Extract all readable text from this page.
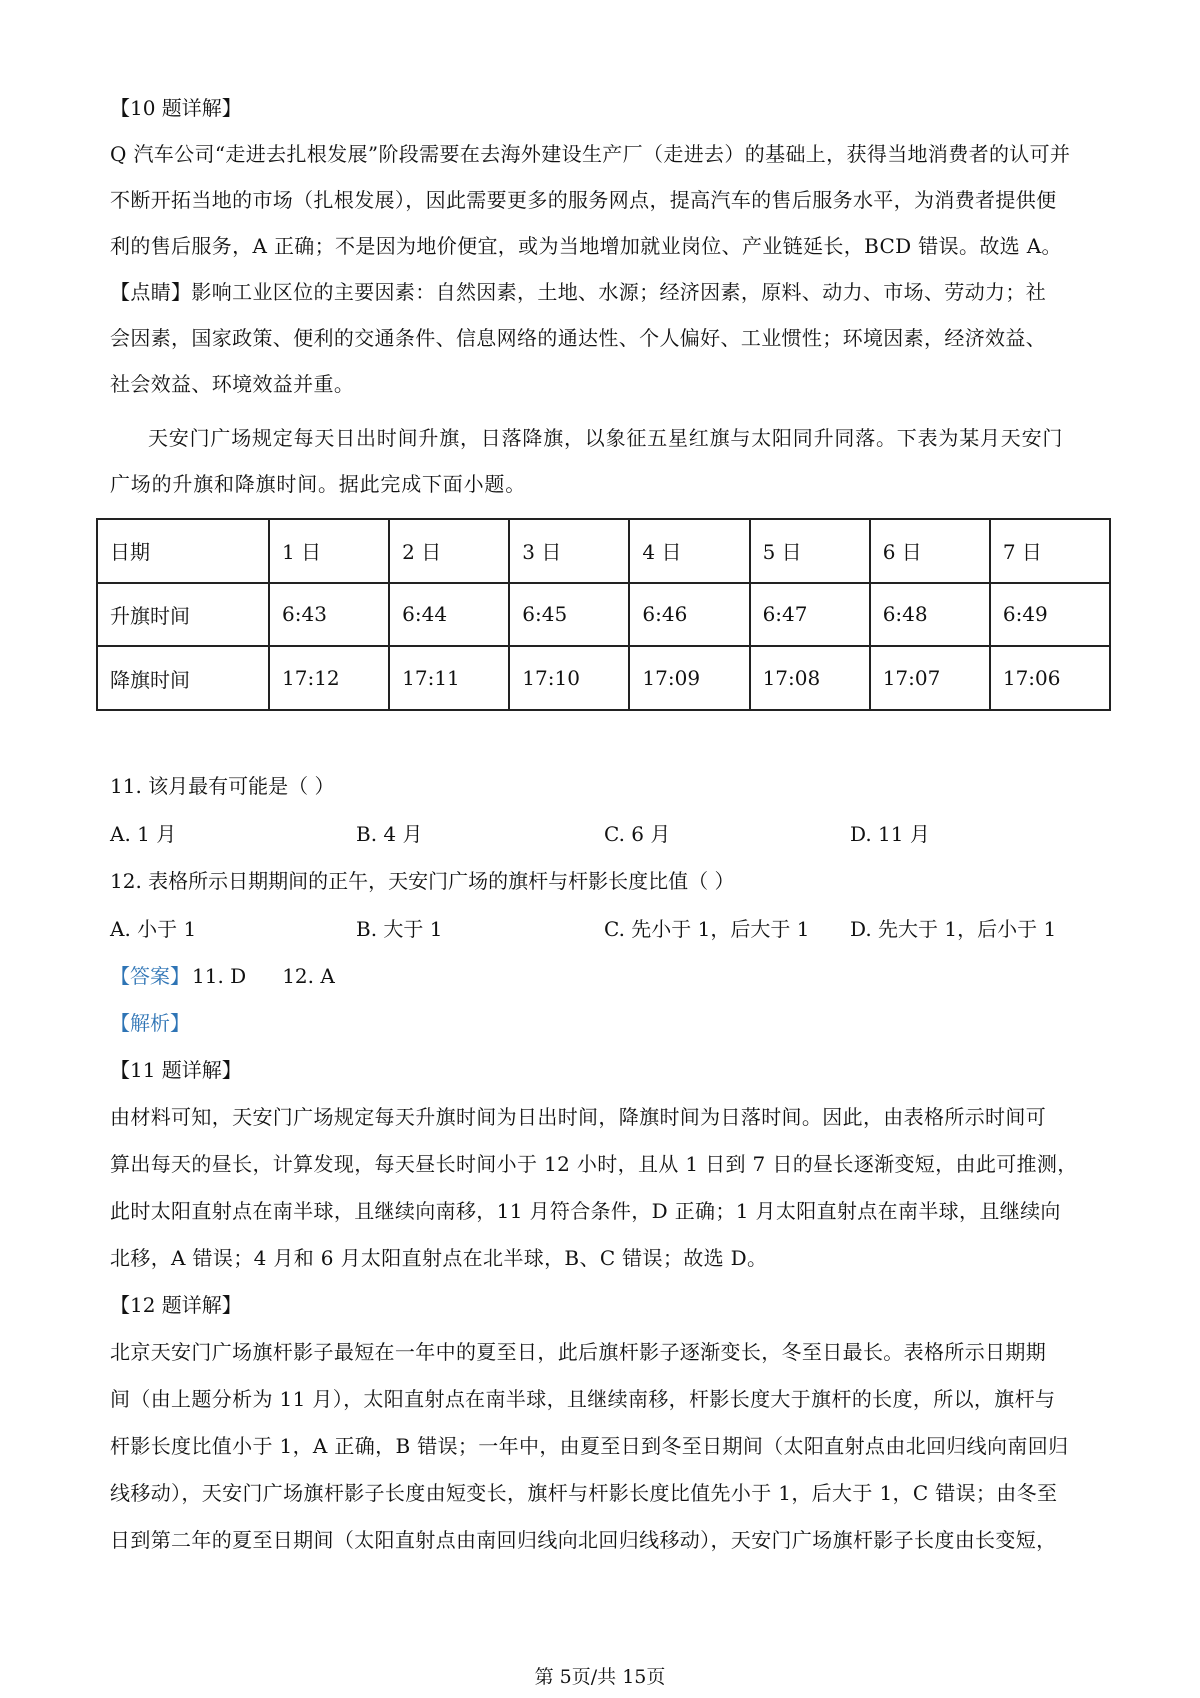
【10 题详解】
Q 汽车公司“走进去扎根发展”阶段需要在去海外建设生产厂（走进去）的基础上，获得当地消费者的认可并
不断开拓当地的市场（扎根发展），因此需要更多的服务网点，提高汽车的售后服务水平，为消费者提供便
利的售后服务，A 正确；不是因为地价便宜，或为当地增加就业岗位、产业链延长，BCD 错误。故选 A。
【点睛】影响工业区位的主要因素：自然因素，土地、水源；经济因素，原料、动力、市场、劳动力；社
会因素，国家政策、便利的交通条件、信息网络的通达性、个人偏好、工业惯性；环境因素，经济效益、
社会效益、环境效益并重。
天安门广场规定每天日出时间升旗，日落降旗，以象征五星红旗与太阳同升同落。下表为某月天安门
广场的升旗和降旗时间。据此完成下面小题。
日期	1 日	2 日	3 日	4 日	5 日	6 日	7 日
升旗时间	6:43	6:44	6:45	6:46	6:47	6:48	6:49
降旗时间	17:12	17:11	17:10	17:09	17:08	17:07	17:06
11. 该月最有可能是（ ）
A. 1 月	B. 4 月	C. 6 月	D. 11 月
12. 表格所示日期期间的正午，天安门广场的旗杆与杆影长度比值（ ）
A. 小于 1	B. 大于 1	C. 先小于 1，后大于 1 D. 先大于 1，后小于 1
【答案】 11. D 12. A
【解析】
【11 题详解】
由材料可知，天安门广场规定每天升旗时间为日出时间，降旗时间为日落时间。因此，由表格所示时间可
算出每天的昼长，计算发现，每天昼长时间小于 12 小时，且从 1 日到 7 日的昼长逐渐变短，由此可推测，
此时太阳直射点在南半球，且继续向南移，11 月符合条件，D 正确；1 月太阳直射点在南半球，且继续向
北移，A 错误；4 月和 6 月太阳直射点在北半球，B、C 错误；故选 D。
【12 题详解】
北京天安门广场旗杆影子最短在一年中的夏至日，此后旗杆影子逐渐变长，冬至日最长。表格所示日期期
间（由上题分析为 11 月），太阳直射点在南半球，且继续南移，杆影长度大于旗杆的长度，所以，旗杆与
杆影长度比值小于 1，A 正确，B 错误；一年中，由夏至日到冬至日期间（太阳直射点由北回归线向南回归
线移动），天安门广场旗杆影子长度由短变长，旗杆与杆影长度比值先小于 1，后大于 1，C 错误；由冬至
日到第二年的夏至日期间（太阳直射点由南回归线向北回归线移动），天安门广场旗杆影子长度由长变短，
第 5页/共 15页
